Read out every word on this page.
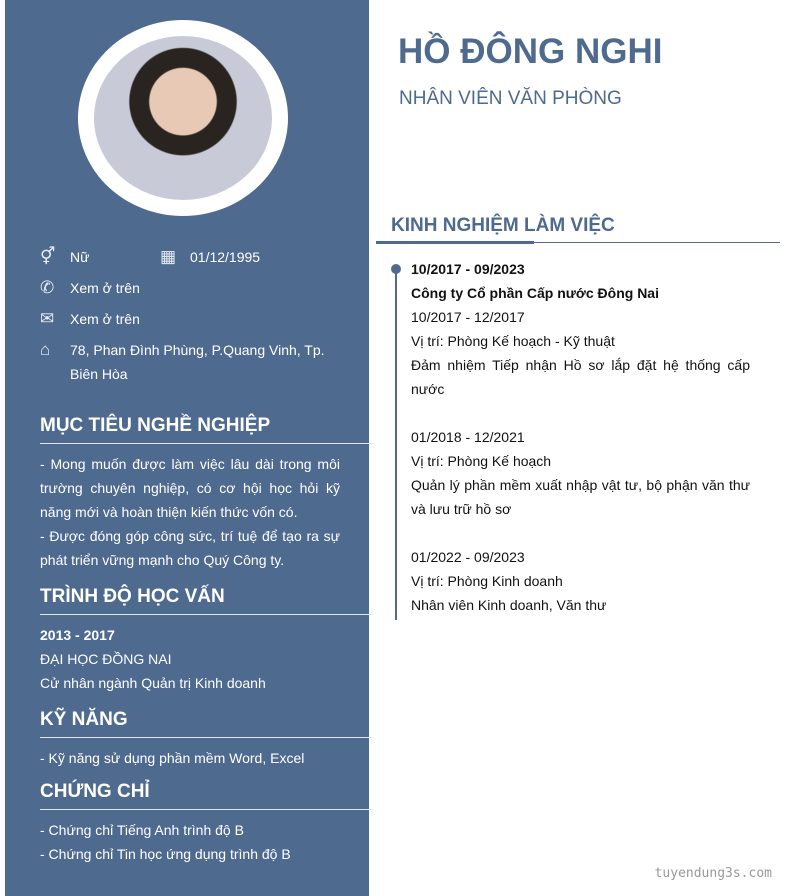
⚥	Nữ	▦ 01/12/1995
✆	Xem ở trên
✉	Xem ở trên
⌂	78, Phan Đình Phùng, P.Quang Vinh, Tp. Biên Hòa
MỤC TIÊU NGHỀ NGHIỆP
- Mong muốn được làm việc lâu dài trong môi trường chuyên nghiệp, có cơ hội học hỏi kỹ năng mới và hoàn thiện kiến thức vốn có.
- Được đóng góp công sức, trí tuệ để tạo ra sự phát triển vững mạnh cho Quý Công ty.
TRÌNH ĐỘ HỌC VẤN
2013 - 2017
ĐẠI HỌC ĐỒNG NAI
Cử nhân ngành Quản trị Kinh doanh
KỸ NĂNG
- Kỹ năng sử dụng phần mềm Word, Excel
CHỨNG CHỈ
- Chứng chỉ Tiếng Anh trình độ B
- Chứng chỉ Tin học ứng dụng trình độ B
HỒ ĐÔNG NGHI
NHÂN VIÊN VĂN PHÒNG
KINH NGHIỆM LÀM VIỆC
10/2017 - 09/2023
Công ty Cổ phần Cấp nước Đông Nai
10/2017 - 12/2017
Vị trí: Phòng Kế hoạch - Kỹ thuật
Đảm nhiệm Tiếp nhận Hồ sơ lắp đặt hệ thống cấp nước
01/2018 - 12/2021
Vị trí: Phòng Kế hoạch
Quản lý phần mềm xuất nhập vật tư, bộ phận văn thư và lưu trữ hồ sơ
01/2022 - 09/2023
Vị trí: Phòng Kinh doanh
Nhân viên Kinh doanh, Văn thư
tuyendung3s.com
